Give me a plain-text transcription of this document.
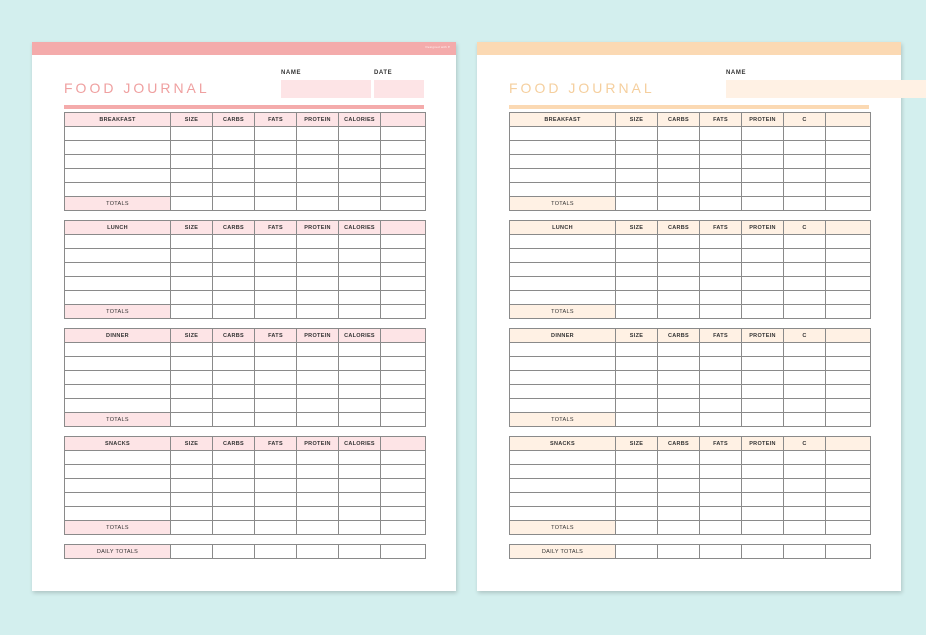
Designed with ♥
FOOD JOURNAL
NAME	DATE
BREAKFAST	SIZE	CARBS	FATS	PROTEIN	CALORIES	

TOTALS						
LUNCH	SIZE	CARBS	FATS	PROTEIN	CALORIES	

TOTALS						
DINNER	SIZE	CARBS	FATS	PROTEIN	CALORIES	

TOTALS						
SNACKS	SIZE	CARBS	FATS	PROTEIN	CALORIES	

TOTALS						
DAILY TOTALS						
FOOD JOURNAL
NAME
BREAKFAST	SIZE	CARBS	FATS	PROTEIN	C	

TOTALS						
LUNCH	SIZE	CARBS	FATS	PROTEIN	C	

TOTALS						
DINNER	SIZE	CARBS	FATS	PROTEIN	C	

TOTALS						
SNACKS	SIZE	CARBS	FATS	PROTEIN	C	

TOTALS						
DAILY TOTALS						
